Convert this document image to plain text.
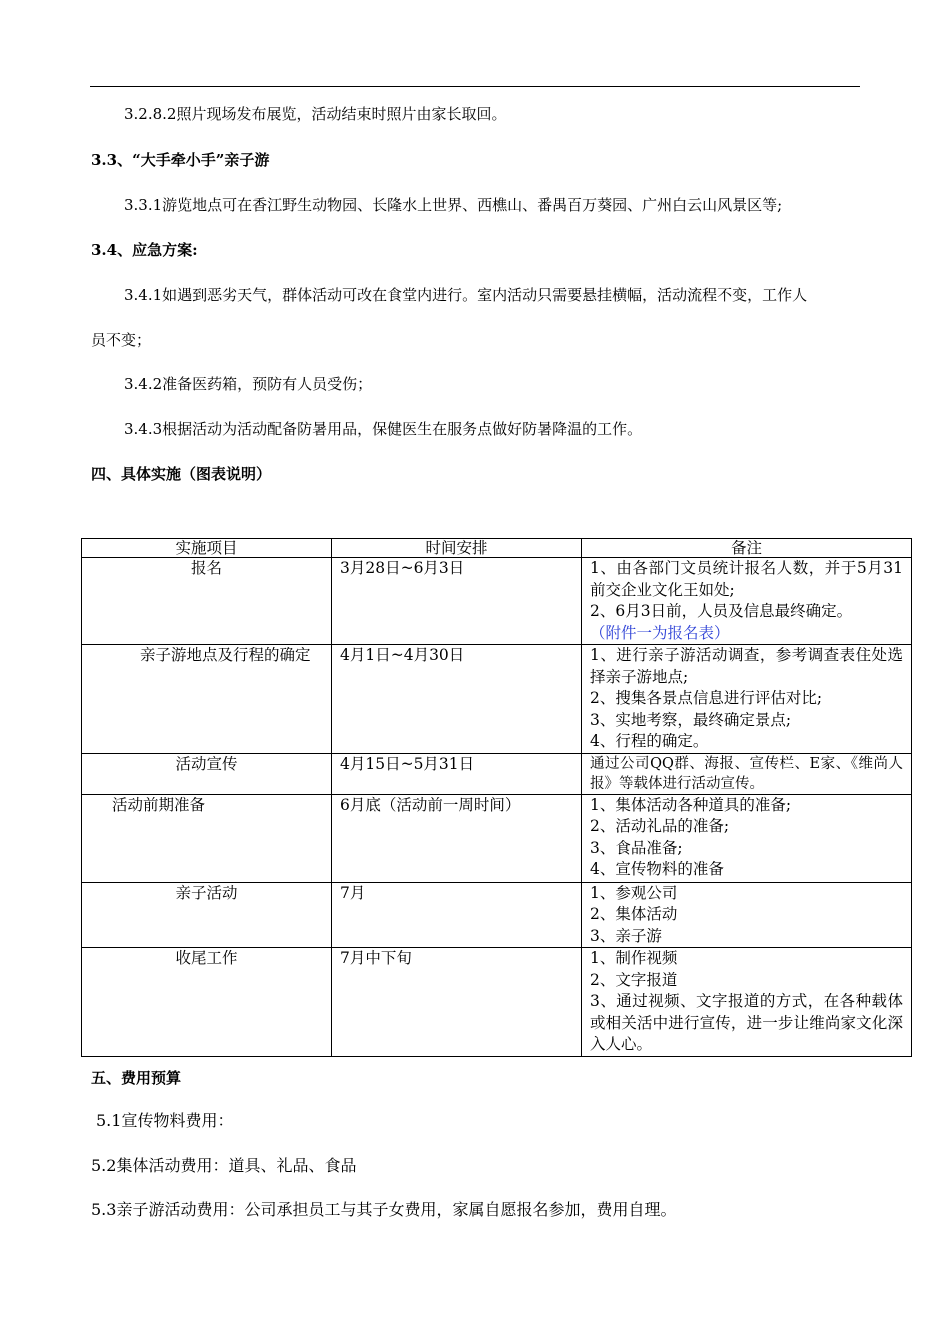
3.2.8.2照片现场发布展览，活动结束时照片由家长取回。
3.3、“大手牵小手”亲子游
3.3.1游览地点可在香江野生动物园、长隆水上世界、西樵山、番禺百万葵园、广州白云山风景区等;
3.4、应急方案:
3.4.1如遇到恶劣天气，群体活动可改在食堂内进行。室内活动只需要悬挂横幅，活动流程不变，工作人
员不变；
3.4.2准备医药箱，预防有人员受伤；
3.4.3根据活动为活动配备防暑用品，保健医生在服务点做好防暑降温的工作。
四、具体实施（图表说明）
实施项目	时间安排	备注
报名	3月28日~6月3日	1、由各部门文员统计报名人数，并于5月31前交企业文化王如处;
2、6月3日前，人员及信息最终确定。
（附件一为报名表）

亲子游地点及行程的确定	4月1日~4月30日	1、进行亲子游活动调查，参考调查表住处选择亲子游地点;
2、搜集各景点信息进行评估对比;
3、实地考察，最终确定景点;
4、行程的确定。

活动宣传	4月15日~5月31日	通过公司QQ群、海报、宣传栏、E家、《维尚人报》等载体进行活动宣传。

活动前期准备	6月底（活动前一周时间）	1、集体活动各种道具的准备;
2、活动礼品的准备;
3、食品准备;
4、宣传物料的准备

亲子活动	7月	1、参观公司
2、集体活动
3、亲子游

收尾工作	7月中下旬	1、制作视频
2、文字报道
3、通过视频、文字报道的方式，在各种载体或相关活中进行宣传，进一步让维尚家文化深入人心。
五、费用预算
5.1宣传物料费用：
5.2集体活动费用：道具、礼品、食品
5.3亲子游活动费用：公司承担员工与其子女费用，家属自愿报名参加，费用自理。
